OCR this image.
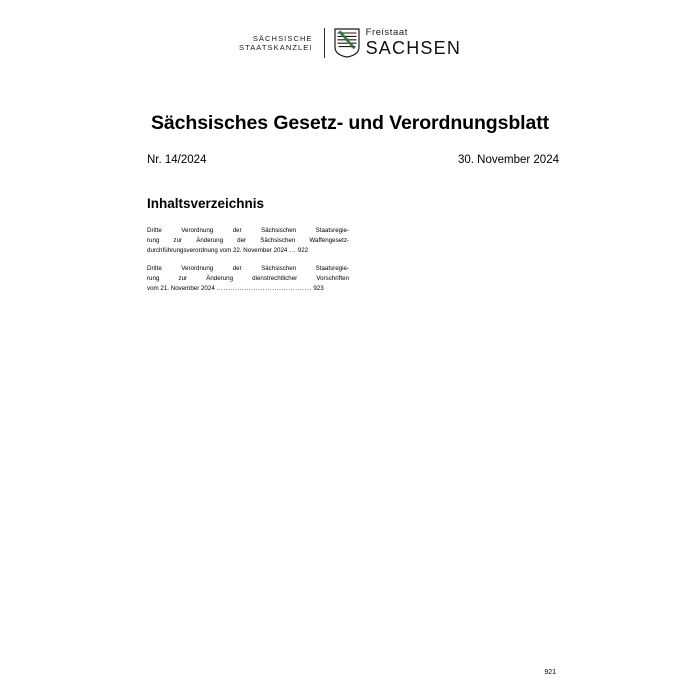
SÄCHSISCHE
STAATSKANZLEI
Freistaat
SACHSEN
Sächsisches Gesetz- und Verordnungsblatt
Nr. 14/2024	30. November 2024
Inhaltsverzeichnis
Dritte Verordnung der Sächsischen Staatsregie-
rung zur Änderung der Sächsischen Waffengesetz-
durchführungsverordnung vom 22. November 2024 ... 922
Dritte Verordnung der Sächsischen Staatsregie-
rung zur Änderung dienstrechtlicher Vorschriften
vom 21. November 2024 ......................................... 923
921
